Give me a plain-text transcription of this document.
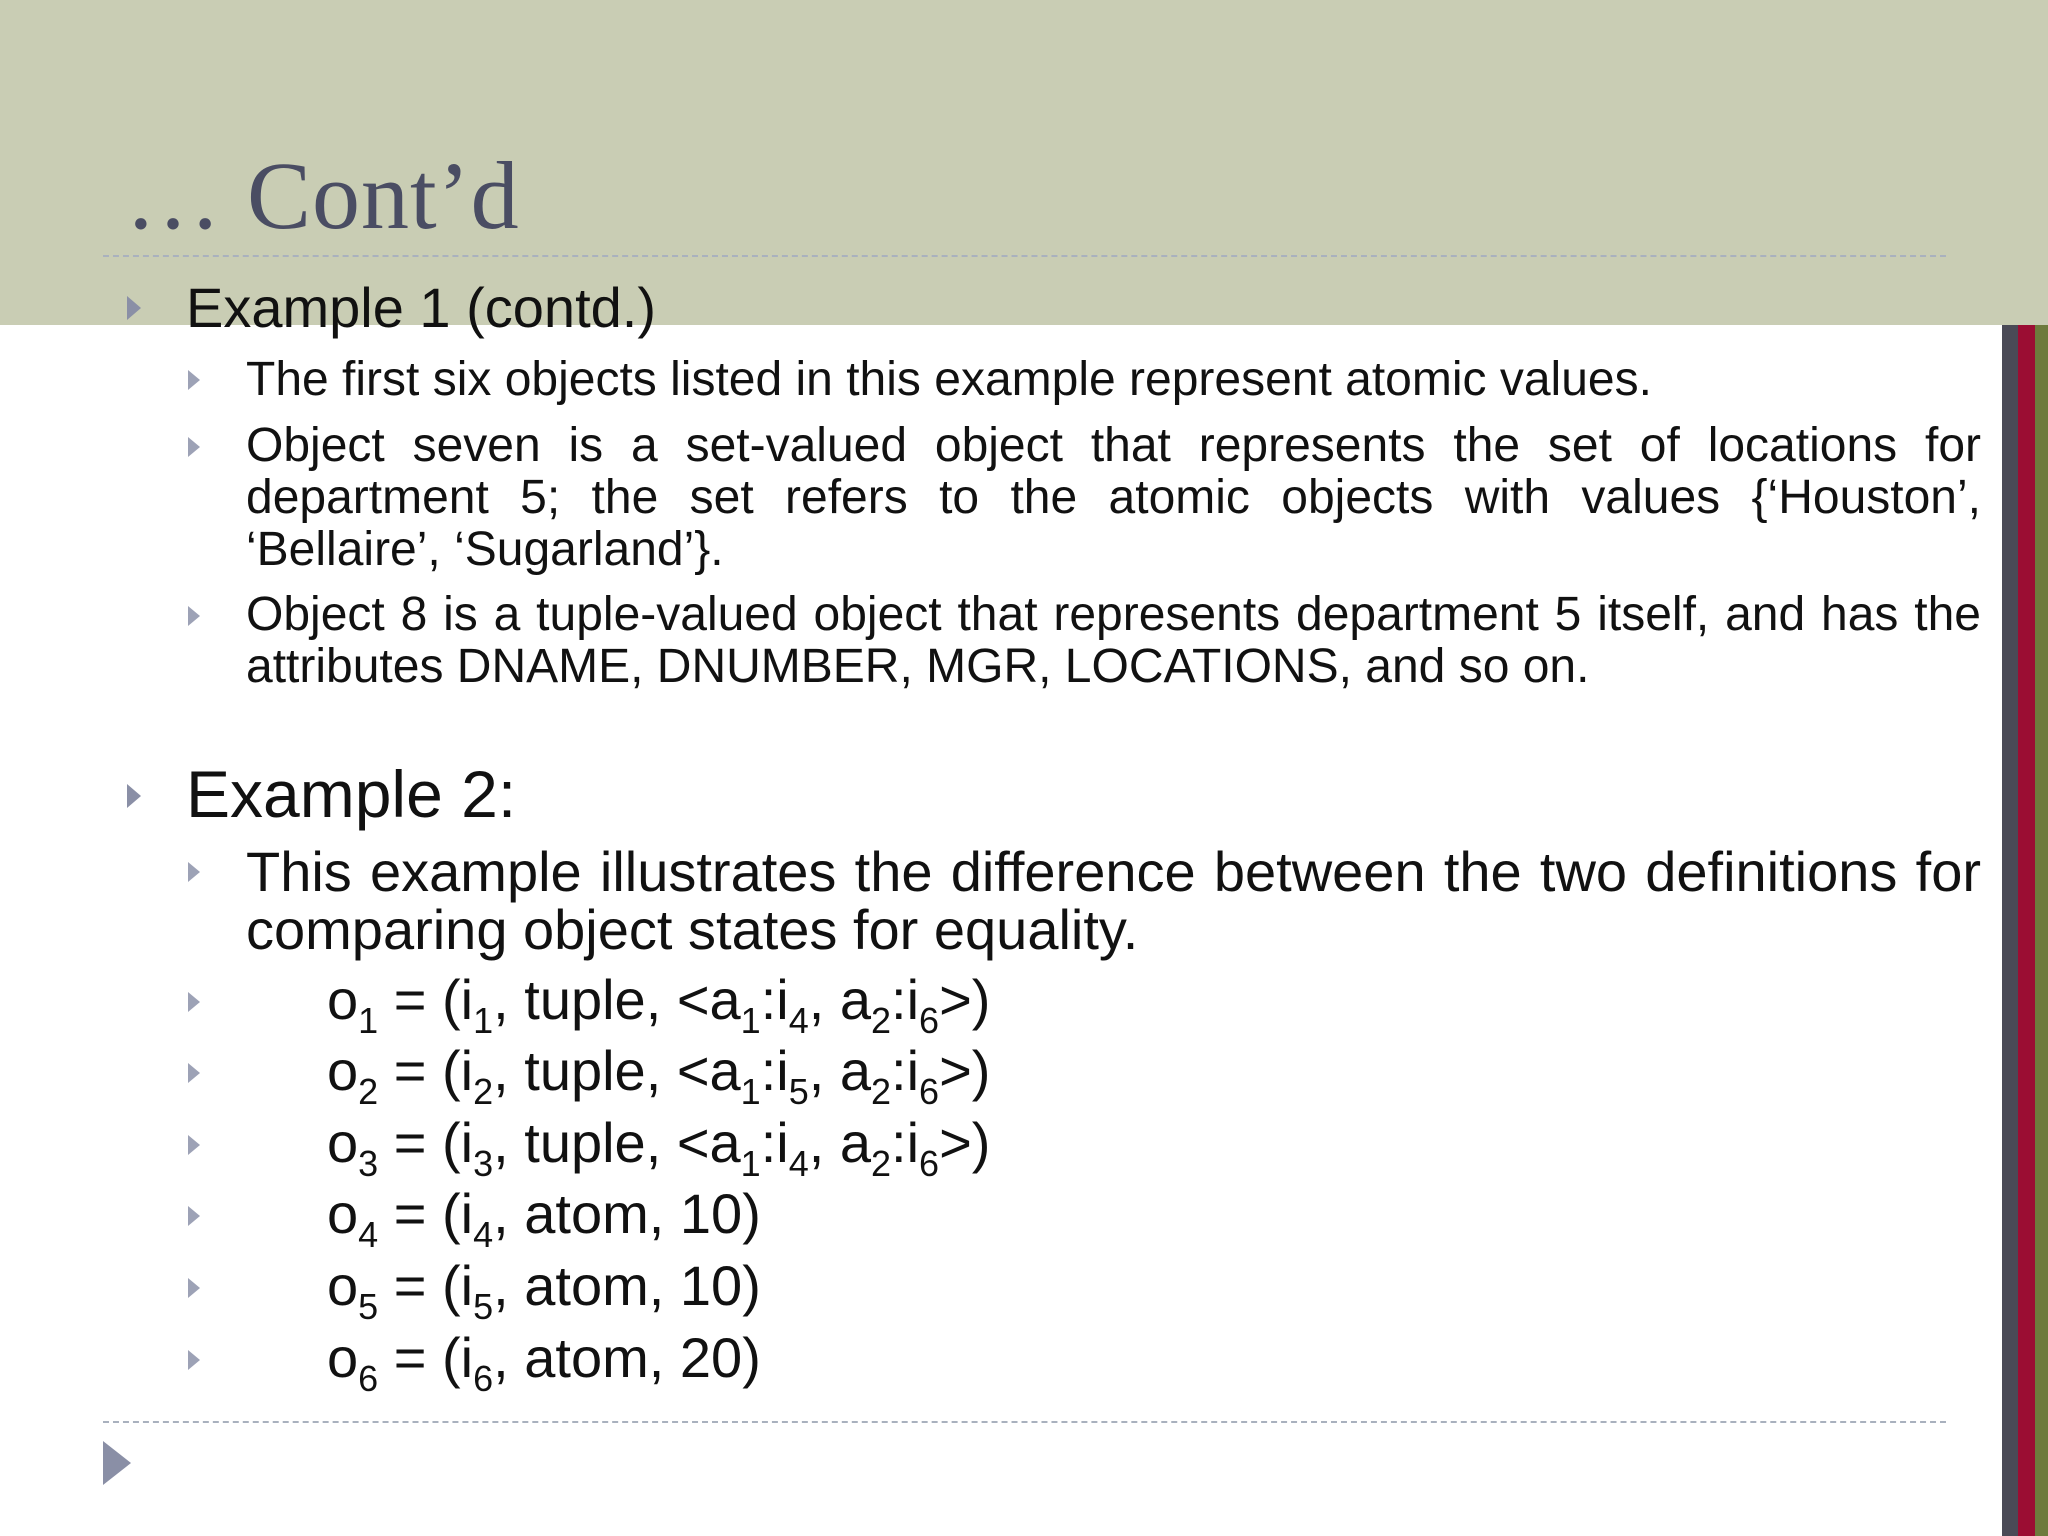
… Cont’d
Example 1 (contd.)
The first six objects listed in this example represent atomic values.
Object seven is a set-valued object that represents the set of locations for department 5; the set refers to the atomic objects with values {‘Houston’, ‘Bellaire’, ‘Sugarland’}.
Object 8 is a tuple-valued object that represents department 5 itself, and has the attributes DNAME, DNUMBER, MGR, LOCATIONS, and so on.
Example 2:
This example illustrates the difference between the two definitions for comparing object states for equality.
$o_1 = (i_1$, tuple, $<a_1:i_4$, $a_2:i_6>$)
$o_2 = (i_2$, tuple, $<a_1:i_5$, $a_2:i_6>$)
$o_3 = (i_3$, tuple, $<a_1:i_4$, $a_2:i_6>$)
$o_4 = (i_4$, atom, 10)
$o_5 = (i_5$, atom, 10)
$o_6 = (i_6$, atom, 20)
